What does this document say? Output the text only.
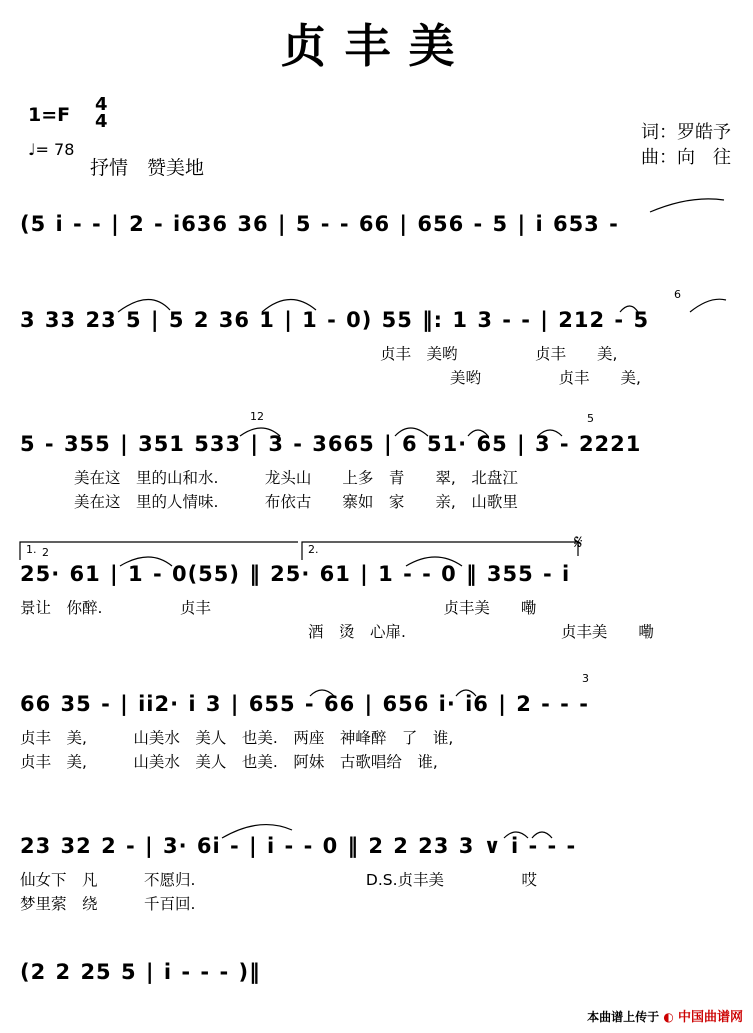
贞丰美
1=F 4
4
♩= 78
抒情　赞美地
词：罗皓予
曲：向　往
(5 i - - | 2 - i636 36 | 5 - - 66 | 656 - 5 | i 653 -
3 33 23 5 | 5 2 36 1 | 1 - 0) 55 ‖: 1 3 - - | 212 - 5
贞丰　美哟　　　　　贞丰　　美,
美哟　　　　　贞丰　　美,
5 - 355 | 351 533 | 3 - 3665 | 6 51· 65 | 3 - 2221
美在这　里的山和水.　　　龙头山　　上多　青　　翠,　北盘江
美在这　里的人情味.　　　布依古　　寨如　家　　亲,　山歌里
25· 61 | 1 - 0(55) ‖ 25· 61 | 1 - - 0 ‖ 355 - i
景让　你醉.　　　　　贞丰　　　　　　　　　　　　　　　贞丰美　　嘞
酒　烫　心扉.　　　　　　　　　　贞丰美　　嘞
66 35 - | ii2· i 3 | 655 - 66 | 656 i· i6 | 2 - - -
贞丰　美,　　　山美水　美人　也美.　两座　神峰醉　了　谁,
贞丰　美,　　　山美水　美人　也美.　阿妹　古歌唱给　谁,
23 32 2 - | 3· 6i - | i - - 0 ‖ 2 2 23 3 ∨ i - - -
仙女下　凡　　　不愿归.　　　　　　　　　　　D.S.贞丰美　　　　　哎
梦里萦　绕　　　千百回.
(2 2 25 5 | i - - - )‖
1.	2.	𝄋
6
5
2
3
12
本曲谱上传于 ◐ 中国曲谱网
